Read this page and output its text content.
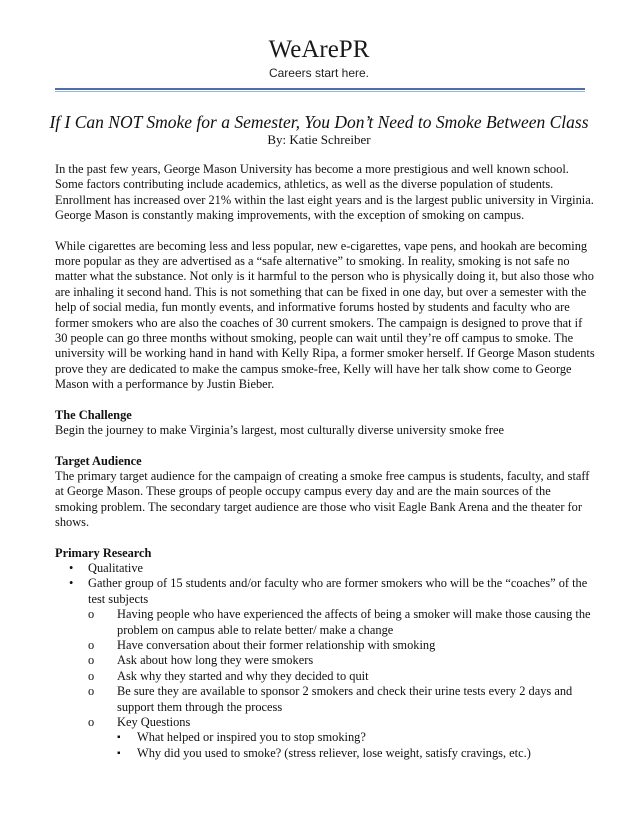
WeArePR
Careers start here.
If I Can NOT Smoke for a Semester, You Don’t Need to Smoke Between Class
By: Katie Schreiber

In the past few years, George Mason University has become a more prestigious and well known school. Some factors contributing include academics, athletics, as well as the diverse population of students. Enrollment has increased over 21% within the last eight years and is the largest public university in Virginia. George Mason is constantly making improvements, with the exception of smoking on campus.

While cigarettes are becoming less and less popular, new e-cigarettes, vape pens, and hookah are becoming more popular as they are advertised as a “safe alternative” to smoking. In reality, smoking is not safe no matter what the substance. Not only is it harmful to the person who is physically doing it, but also those who are inhaling it second hand. This is not something that can be fixed in one day, but over a semester with the help of social media, fun montly events, and informative forums hosted by students and faculty who are former smokers who are also the coaches of 30 current smokers. The campaign is designed to prove that if 30 people can go three months without smoking, people can wait until they’re off campus to smoke. The university will be working hand in hand with Kelly Ripa, a former smoker herself. If George Mason students prove they are dedicated to make the campus smoke-free, Kelly will have her talk show come to George Mason with a performance by Justin Bieber.

The Challenge

Begin the journey to make Virginia’s largest, most culturally diverse university smoke free

Target Audience

The primary target audience for the campaign of creating a smoke free campus is students, faculty, and staff at George Mason. These groups of people occupy campus every day and are the main sources of the smoking problem. The secondary target audience are those who visit Eagle Bank Arena and the theater for shows.

Primary Research
• Qualitative
• Gather group of 15 students and/or faculty who are former smokers who will be the “coaches” of the test subjects
o Having people who have experienced the affects of being a smoker will make those causing the problem on campus able to relate better/ make a change
o Have conversation about their former relationship with smoking
o Ask about how long they were smokers
o Ask why they started and why they decided to quit
o Be sure they are available to sponsor 2 smokers and check their urine tests every 2 days and support them through the process
o Key Questions
▪ What helped or inspired you to stop smoking?
▪ Why did you used to smoke? (stress reliever, lose weight, satisfy cravings, etc.)
